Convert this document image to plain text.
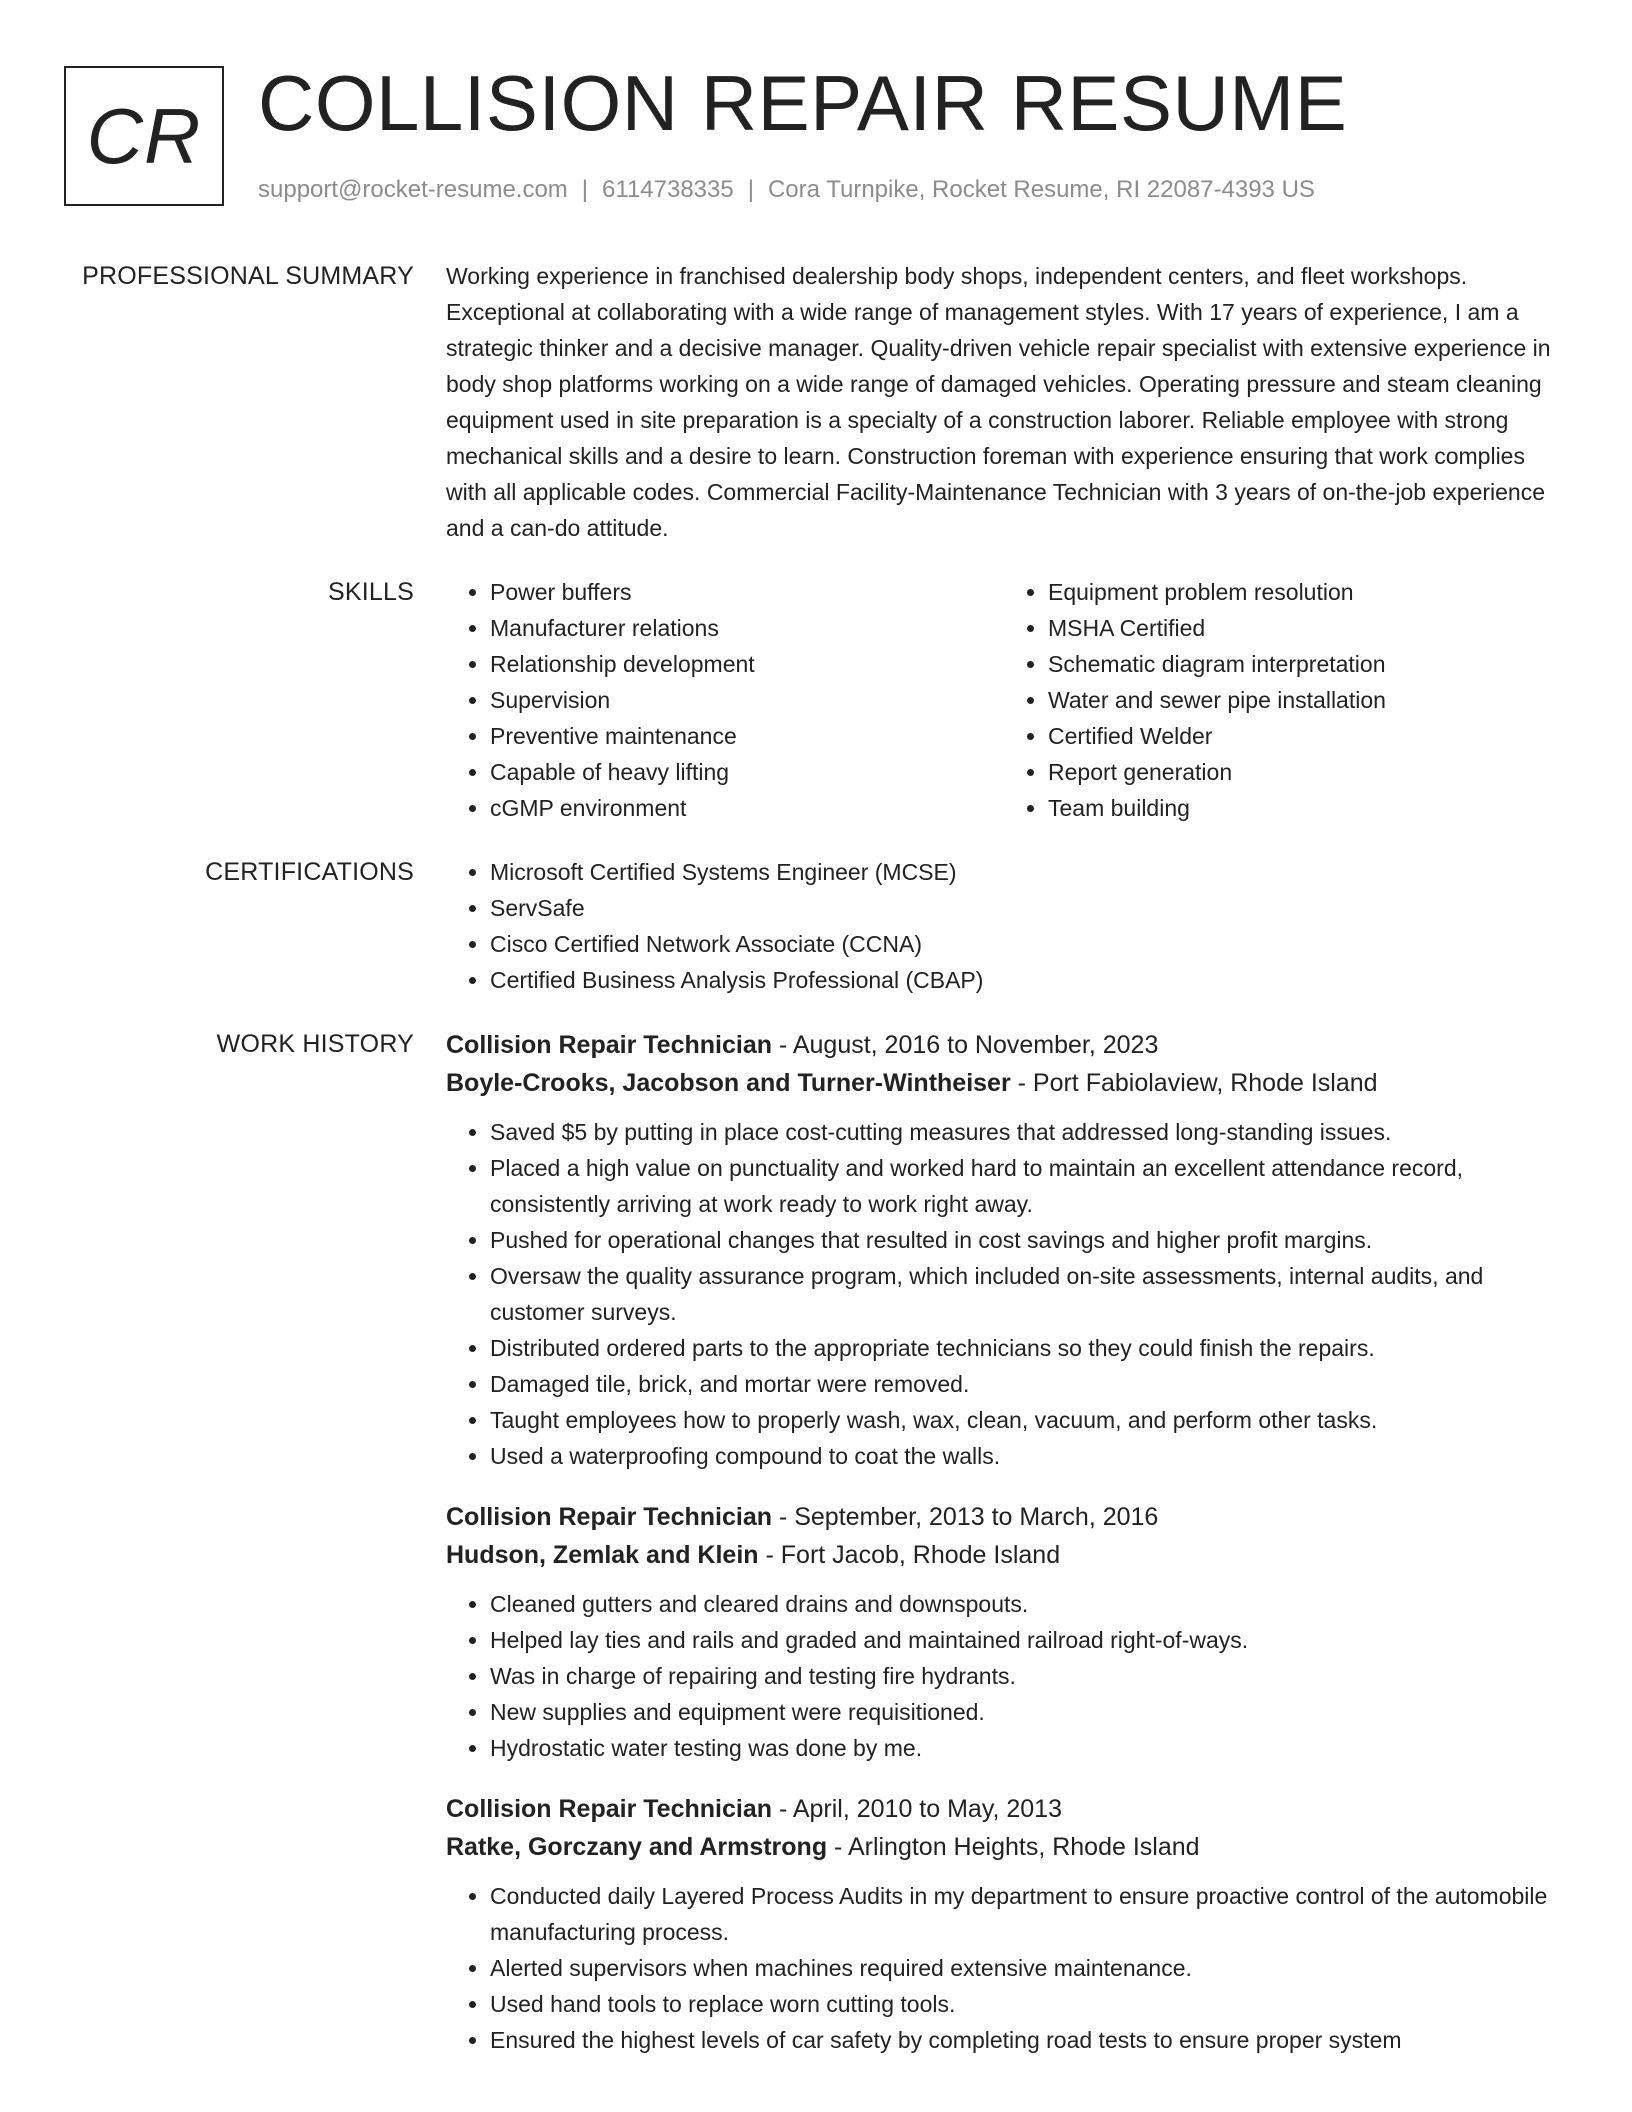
CR COLLISION REPAIR RESUME
support@rocket-resume.com | 6114738335 | Cora Turnpike, Rocket Resume, RI 22087-4393 US
PROFESSIONAL SUMMARY Working experience in franchised dealership body shops, independent centers, and fleet workshops. Exceptional at collaborating with a wide range of management styles. With 17 years of experience, I am a strategic thinker and a decisive manager. Quality-driven vehicle repair specialist with extensive experience in body shop platforms working on a wide range of damaged vehicles. Operating pressure and steam cleaning equipment used in site preparation is a specialty of a construction laborer. Reliable employee with strong mechanical skills and a desire to learn. Construction foreman with experience ensuring that work complies with all applicable codes. Commercial Facility-Maintenance Technician with 3 years of on-the-job experience and a can-do attitude.

SKILLS	• Power buffers
• Manufacturer relations
• Relationship development
• Supervision
• Preventive maintenance
• Capable of heavy lifting
• cGMP environment
• Equipment problem resolution
• MSHA Certified
• Schematic diagram interpretation
• Water and sewer pipe installation
• Certified Welder
• Report generation
• Team building
CERTIFICATIONS	• Microsoft Certified Systems Engineer (MCSE)
• ServSafe
• Cisco Certified Network Associate (CCNA)
• Certified Business Analysis Professional (CBAP)
WORK HISTORY Collision Repair Technician - August, 2016 to November, 2023
Boyle-Crooks, Jacobson and Turner-Wintheiser - Port Fabiolaview, Rhode Island
• Saved $5 by putting in place cost-cutting measures that addressed long-standing issues.
• Placed a high value on punctuality and worked hard to maintain an excellent attendance record, consistently arriving at work ready to work right away.
• Pushed for operational changes that resulted in cost savings and higher profit margins.
• Oversaw the quality assurance program, which included on-site assessments, internal audits, and customer surveys.
• Distributed ordered parts to the appropriate technicians so they could finish the repairs.
• Damaged tile, brick, and mortar were removed.
• Taught employees how to properly wash, wax, clean, vacuum, and perform other tasks.
• Used a waterproofing compound to coat the walls.
Collision Repair Technician - September, 2013 to March, 2016
Hudson, Zemlak and Klein - Fort Jacob, Rhode Island
• Cleaned gutters and cleared drains and downspouts.
• Helped lay ties and rails and graded and maintained railroad right-of-ways.
• Was in charge of repairing and testing fire hydrants.
• New supplies and equipment were requisitioned.
• Hydrostatic water testing was done by me.
Collision Repair Technician - April, 2010 to May, 2013
Ratke, Gorczany and Armstrong - Arlington Heights, Rhode Island
• Conducted daily Layered Process Audits in my department to ensure proactive control of the automobile manufacturing process.
• Alerted supervisors when machines required extensive maintenance.
• Used hand tools to replace worn cutting tools.
• Ensured the highest levels of car safety by completing road tests to ensure proper system
